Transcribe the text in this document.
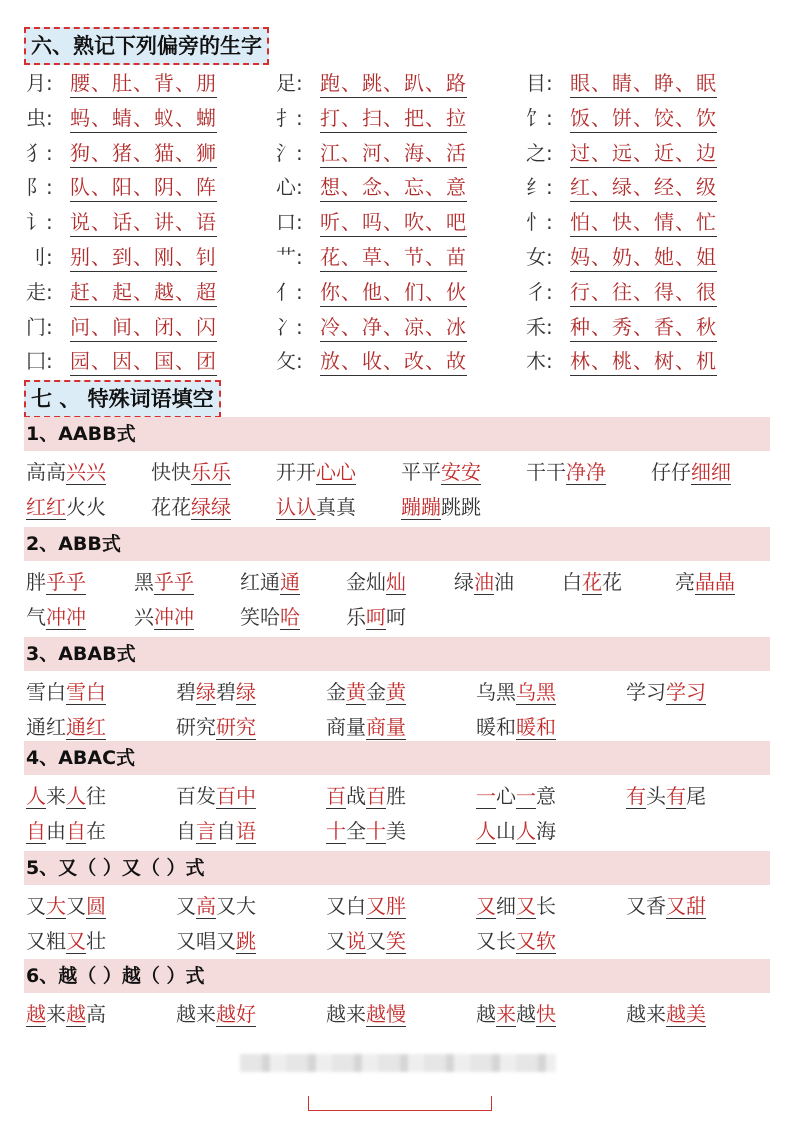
六、熟记下列偏旁的生字
月: 腰、肚、背、朋	足: 跑、跳、趴、路	目: 眼、睛、睁、眠
虫: 蚂、蜻、蚁、蝴	扌: 打、扫、把、拉	饣: 饭、饼、饺、饮
犭: 狗、猪、猫、狮	氵: 江、河、海、活	之: 过、远、近、边
阝: 队、阳、阴、阵	心: 想、念、忘、意	纟: 红、绿、经、级
讠: 说、话、讲、语	口: 听、吗、吹、吧	忄: 怕、快、情、忙
刂: 别、到、刚、钊	艹: 花、草、节、苗	女: 妈、奶、她、姐
走: 赶、起、越、超	亻: 你、他、们、伙	彳: 行、往、得、很
门: 问、间、闭、闪	冫: 冷、净、凉、冰	禾: 种、秀、香、秋
囗: 园、因、国、团	攵: 放、收、改、故	木: 林、桃、树、机
七 、 特殊词语填空
1、AABB式
高高兴兴 快快乐乐 开开心心 平平安安 干干净净 仔仔细细
红红火火 花花绿绿 认认真真 蹦蹦跳跳
2、ABB式
胖乎乎 黑乎乎 红通通 金灿灿 绿油油 白花花	亮晶晶
气冲冲 兴冲冲 笑哈哈 乐呵呵
3、ABAB式
雪白雪白	碧绿碧绿	金黄金黄	乌黑乌黑	学习学习
通红通红	研究研究	商量商量	暖和暖和
4、ABAC式
人来人往	百发百中	百战百胜	一心一意	有头有尾
自由自在	自言自语	十全十美	人山人海
5、又（ ）又（ ）式
又大又圆	又高又大	又白又胖	又细又长	又香又甜
又粗又壮	又唱又跳	又说又笑	又长又软
6、越（ ）越（ ）式
越来越高	越来越好	越来越慢	越来越快	越来越美
